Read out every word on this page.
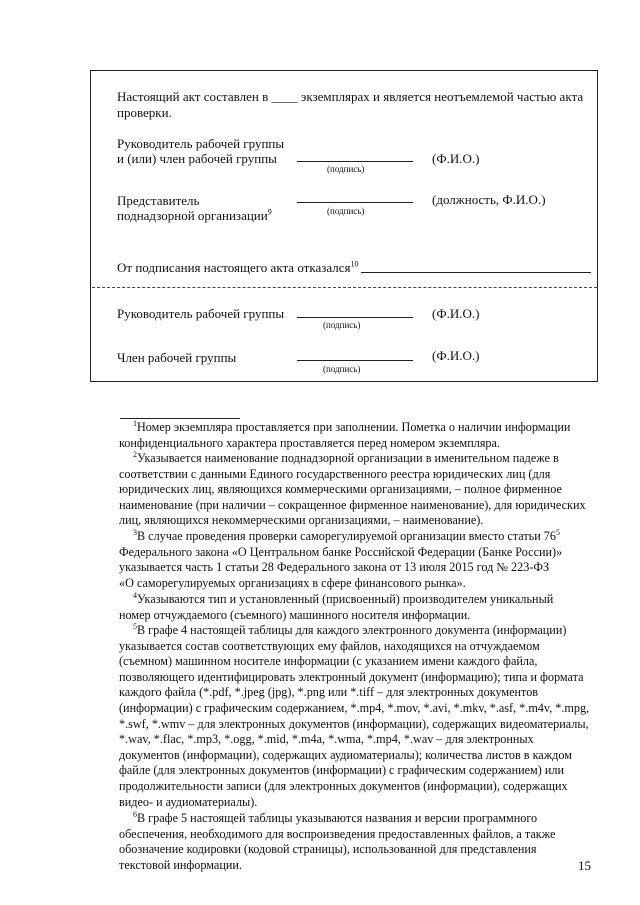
Настоящий акт составлен в ____ экземплярах и является неотъемлемой частью акта
проверки.
Руководитель рабочей группы
и (или) член рабочей группы
(подпись)
(Ф.И.О.)
Представитель
поднадзорной организации$^9$	(подпись)
(должность, Ф.И.О.)
От подписания настоящего акта отказался$^{10}$
Руководитель рабочей группы
(подпись)
(Ф.И.О.)
Член рабочей группы
(подпись)
(Ф.И.О.)
$^1$Номер экземпляра проставляется при заполнении. Пометка о наличии информации
конфиденциального характера проставляется перед номером экземпляра.
$^2$Указывается наименование поднадзорной организации в именительном падеже в
соответствии с данными Единого государственного реестра юридических лиц (для
юридических лиц, являющихся коммерческими организациями, – полное фирменное
наименование (при наличии – сокращенное фирменное наименование), для юридических
лиц, являющихся некоммерческими организациями, – наименование).
$^3$В случае проведения проверки саморегулируемой организации вместо статьи 76$^5$
Федерального закона «О Центральном банке Российской Федерации (Банке России)»
указывается часть 1 статьи 28 Федерального закона от 13 июля 2015 год № 223-ФЗ
«О саморегулируемых организациях в сфере финансового рынка».
$^4$Указываются тип и установленный (присвоенный) производителем уникальный
номер отчуждаемого (съемного) машинного носителя информации.
$^5$В графе 4 настоящей таблицы для каждого электронного документа (информации)
указывается состав соответствующих ему файлов, находящихся на отчуждаемом
(съемном) машинном носителе информации (с указанием имени каждого файла,
позволяющего идентифицировать электронный документ (информацию); типа и формата
каждого файла (*.pdf, *.jpeg (jpg), *.png или *.tiff – для электронных документов
(информации) с графическим содержанием, *.mp4, *.mov, *.avi, *.mkv, *.asf, *.m4v, *.mpg,
*.swf, *.wmv – для электронных документов (информации), содержащих видеоматериалы,
*.wav, *.flac, *.mp3, *.ogg, *.mid, *.m4a, *.wma, *.mp4, *.wav – для электронных
документов (информации), содержащих аудиоматериалы); количества листов в каждом
файле (для электронных документов (информации) с графическим содержанием) или
продолжительности записи (для электронных документов (информации), содержащих
видео- и аудиоматериалы).
$^6$В графе 5 настоящей таблицы указываются названия и версии программного
обеспечения, необходимого для воспроизведения предоставленных файлов, а также
обозначение кодировки (кодовой страницы), использованной для представления
текстовой информации.	15
